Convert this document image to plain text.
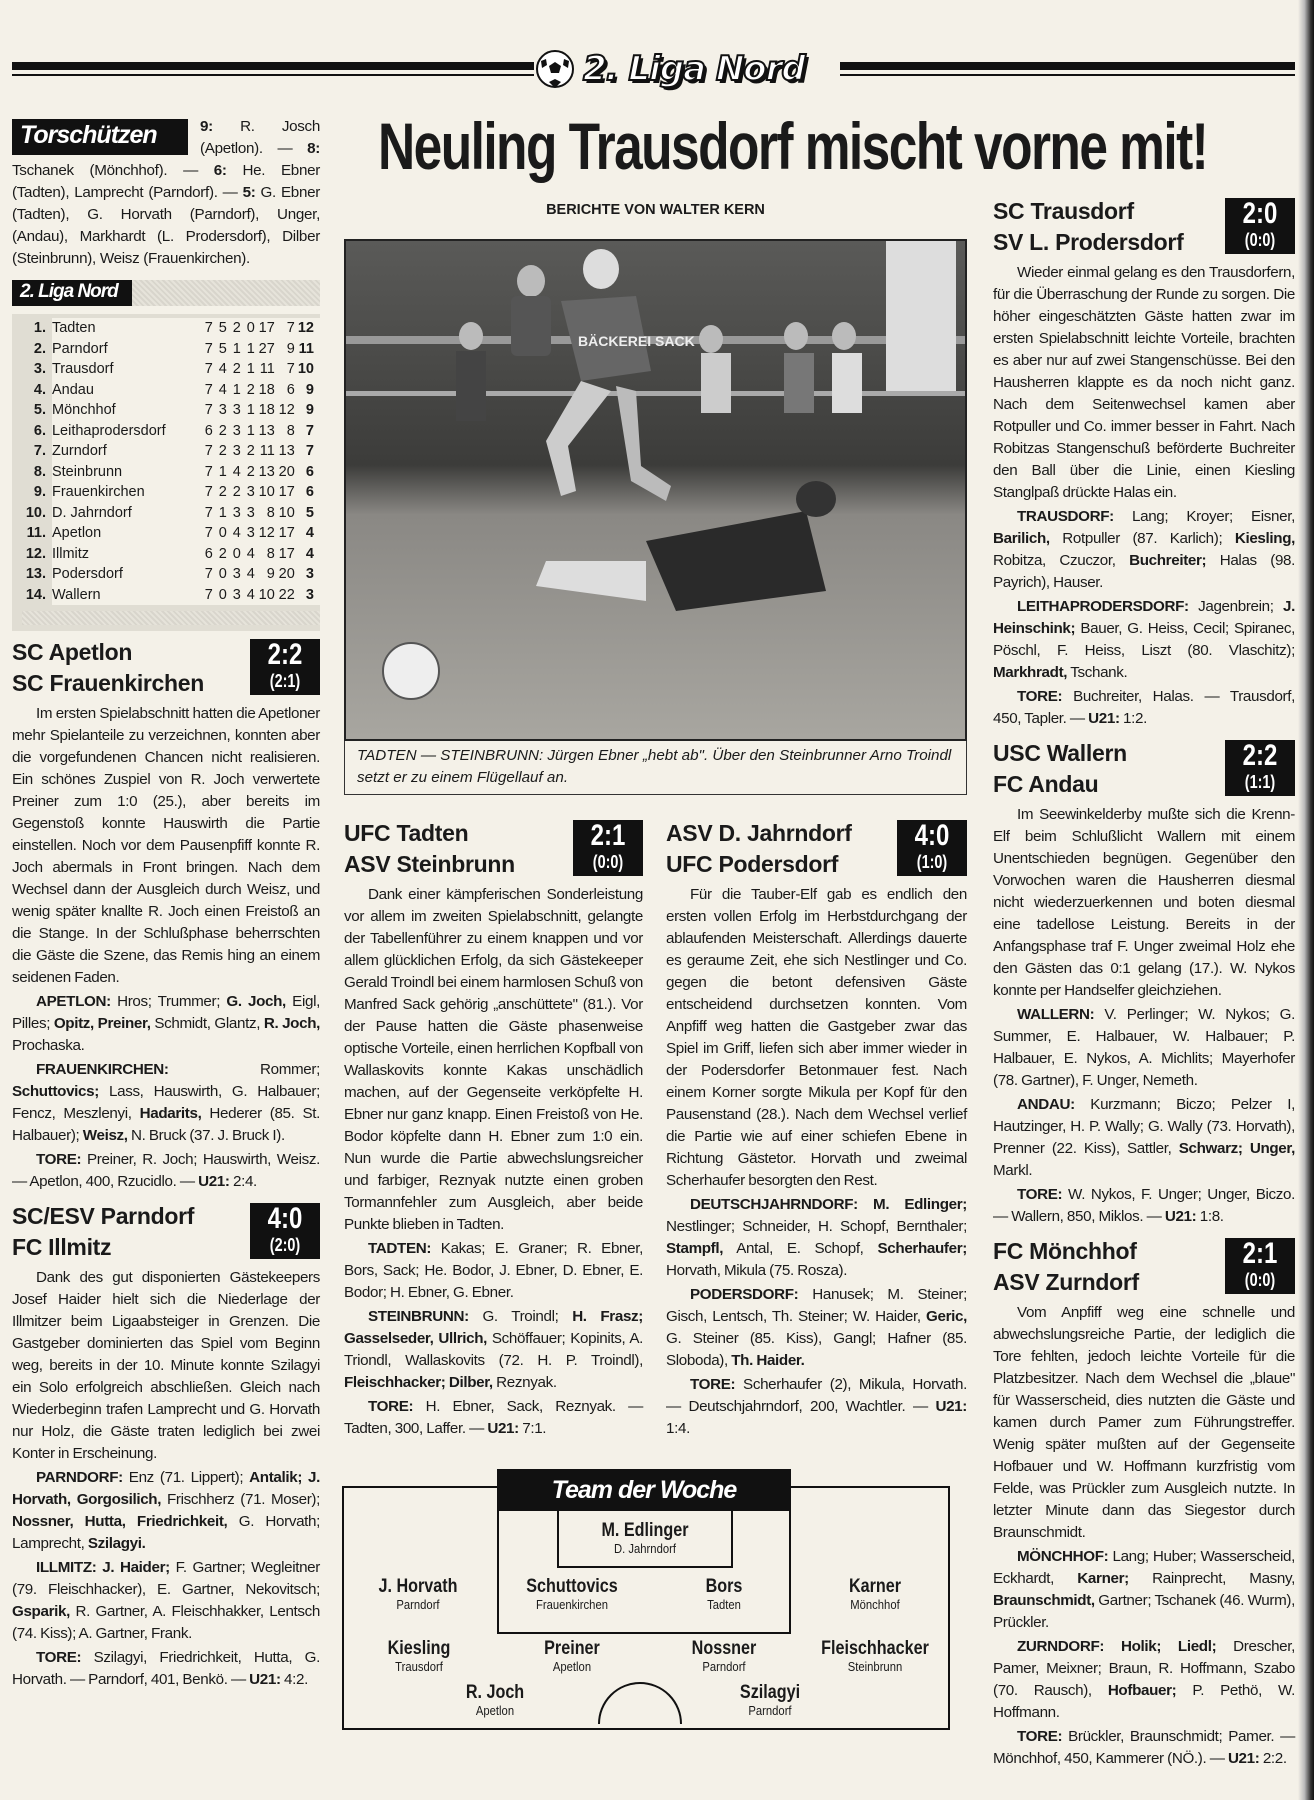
2. Liga Nord
Neuling Trausdorf mischt vorne mit!
Torschützen	9: R. Josch (Apetlon). — 8: Tschanek (Mönchhof). — 6: He. Ebner (Tadten), Lamprecht (Parndorf). — 5: G. Ebner (Tadten), G. Horvath (Parndorf), Unger, (Andau), Markhardt (L. Prodersdorf), Dilber (Steinbrunn), Weisz (Frauenkirchen).
2. Liga Nord
1.	Tadten	7	5	2	0	17	7	12
2.	Parndorf	7	5	1	1	27	9	11
3.	Trausdorf	7	4	2	1	11	7	10
4.	Andau	7	4	1	2	18	6	9
5.	Mönchhof	7	3	3	1	18	12	9
6.	Leithaprodersdorf	6	2	3	1	13	8	7
7.	Zurndorf	7	2	3	2	11	13	7
8.	Steinbrunn	7	1	4	2	13	20	6
9.	Frauenkirchen	7	2	2	3	10	17	6
10.	D. Jahrndorf	7	1	3	3	8	10	5
11.	Apetlon	7	0	4	3	12	17	4
12.	Illmitz	6	2	0	4	8	17	4
13.	Podersdorf	7	0	3	4	9	20	3
14.	Wallern	7	0	3	4	10	22	3
SC Apetlon
SC Frauenkirchen
2:2
(2:1)

Im ersten Spielabschnitt hatten die Apetloner mehr Spielanteile zu verzeichnen, konnten aber die vorgefundenen Chancen nicht realisieren. Ein schönes Zuspiel von R. Joch verwertete Preiner zum 1:0 (25.), aber bereits im Gegenstoß konnte Hauswirth die Partie einstellen. Noch vor dem Pausenpfiff konnte R. Joch abermals in Front bringen. Nach dem Wechsel dann der Ausgleich durch Weisz, und wenig später knallte R. Joch einen Freistoß an die Stange. In der Schlußphase beherrschten die Gäste die Szene, das Remis hing an einem seidenen Faden.

APETLON: Hros; Trummer; G. Joch, Eigl, Pilles; Opitz, Preiner, Schmidt, Glantz, R. Joch, Prochaska.

FRAUENKIRCHEN: Rommer; Schuttovics; Lass, Hauswirth, G. Halbauer; Fencz, Meszlenyi, Hadarits, Hederer (85. St. Halbauer); Weisz, N. Bruck (37. J. Bruck I).

TORE: Preiner, R. Joch; Hauswirth, Weisz. — Apetlon, 400, Rzucidlo. — U21: 2:4.

SC/ESV Parndorf
FC Illmitz
4:0
(2:0)

Dank des gut disponierten Gästekeepers Josef Haider hielt sich die Niederlage der Illmitzer beim Ligaabsteiger in Grenzen. Die Gastgeber dominierten das Spiel vom Beginn weg, bereits in der 10. Minute konnte Szilagyi ein Solo erfolgreich abschließen. Gleich nach Wiederbeginn trafen Lamprecht und G. Horvath nur Holz, die Gäste traten lediglich bei zwei Konter in Erscheinung.

PARNDORF: Enz (71. Lippert); Antalik; J. Horvath, Gorgosilich, Frischherz (71. Moser); Nossner, Hutta, Friedrichkeit, G. Horvath; Lamprecht, Szilagyi.

ILLMITZ: J. Haider; F. Gartner; Wegleitner (79. Fleischhacker), E. Gartner, Nekovitsch; Gsparik, R. Gartner, A. Fleischhakker, Lentsch (74. Kiss); A. Gartner, Frank.

TORE: Szilagyi, Friedrichkeit, Hutta, G. Horvath. — Parndorf, 401, Benkö. — U21: 4:2.

BERICHTE VON WALTER KERN
BÄCKEREI SACK
TADTEN — STEINBRUNN: Jürgen Ebner „hebt ab". Über den Steinbrunner Arno Troindl setzt er zu einem Flügellauf an.
UFC Tadten
ASV Steinbrunn
2:1
(0:0)

Dank einer kämpferischen Sonderleistung vor allem im zweiten Spielabschnitt, gelangte der Tabellenführer zu einem knappen und vor allem glücklichen Erfolg, da sich Gästekeeper Gerald Troindl bei einem harmlosen Schuß von Manfred Sack gehörig „anschüttete" (81.). Vor der Pause hatten die Gäste phasenweise optische Vorteile, einen herrlichen Kopfball von Wallaskovits konnte Kakas unschädlich machen, auf der Gegenseite verköpfelte H. Ebner nur ganz knapp. Einen Freistoß von He. Bodor köpfelte dann H. Ebner zum 1:0 ein. Nun wurde die Partie abwechslungsreicher und farbiger, Reznyak nutzte einen groben Tormannfehler zum Ausgleich, aber beide Punkte blieben in Tadten.

TADTEN: Kakas; E. Graner; R. Ebner, Bors, Sack; He. Bodor, J. Ebner, D. Ebner, E. Bodor; H. Ebner, G. Ebner.

STEINBRUNN: G. Troindl; H. Frasz; Gasselseder, Ullrich, Schöffauer; Kopinits, A. Triondl, Wallaskovits (72. H. P. Troindl), Fleischhacker; Dilber, Reznyak.

TORE: H. Ebner, Sack, Reznyak. — Tadten, 300, Laffer. — U21: 7:1.

ASV D. Jahrndorf
UFC Podersdorf
4:0
(1:0)

Für die Tauber-Elf gab es endlich den ersten vollen Erfolg im Herbstdurchgang der ablaufenden Meisterschaft. Allerdings dauerte es geraume Zeit, ehe sich Nestlinger und Co. gegen die betont defensiven Gäste entscheidend durchsetzen konnten. Vom Anpfiff weg hatten die Gastgeber zwar das Spiel im Griff, liefen sich aber immer wieder in der Podersdorfer Betonmauer fest. Nach einem Korner sorgte Mikula per Kopf für den Pausenstand (28.). Nach dem Wechsel verlief die Partie wie auf einer schiefen Ebene in Richtung Gästetor. Horvath und zweimal Scherhaufer besorgten den Rest.

DEUTSCHJAHRNDORF: M. Edlinger; Nestlinger; Schneider, H. Schopf, Bernthaler; Stampfl, Antal, E. Schopf, Scherhaufer; Horvath, Mikula (75. Rosza).

PODERSDORF: Hanusek; M. Steiner; Gisch, Lentsch, Th. Steiner; W. Haider, Geric, G. Steiner (85. Kiss), Gangl; Hafner (85. Sloboda), Th. Haider.

TORE: Scherhaufer (2), Mikula, Horvath. — Deutschjahrndorf, 200, Wachtler. — U21: 1:4.

Team der Woche
M. Edlinger
D. Jahrndorf
J. Horvath
Parndorf
Schuttovics
Frauenkirchen
Bors
Tadten
Karner
Mönchhof
Kiesling
Trausdorf
Preiner
Apetlon
Nossner
Parndorf
Fleischhacker
Steinbrunn
R. Joch
Apetlon
Szilagyi
Parndorf
SC Trausdorf
SV L. Prodersdorf
2:0
(0:0)

Wieder einmal gelang es den Trausdorfern, für die Überraschung der Runde zu sorgen. Die höher eingeschätzten Gäste hatten zwar im ersten Spielabschnitt leichte Vorteile, brachten es aber nur auf zwei Stangenschüsse. Bei den Hausherren klappte es da noch nicht ganz. Nach dem Seitenwechsel kamen aber Rotpuller und Co. immer besser in Fahrt. Nach Robitzas Stangenschuß beförderte Buchreiter den Ball über die Linie, einen Kiesling Stanglpaß drückte Halas ein.

TRAUSDORF: Lang; Kroyer; Eisner, Barilich, Rotpuller (87. Karlich); Kiesling, Robitza, Czuczor, Buchreiter; Halas (98. Payrich), Hauser.

LEITHAPRODERSDORF: Jagenbrein; J. Heinschink; Bauer, G. Heiss, Cecil; Spiranec, Pöschl, F. Heiss, Liszt (80. Vlaschitz); Markhradt, Tschank.

TORE: Buchreiter, Halas. — Trausdorf, 450, Tapler. — U21: 1:2.

USC Wallern
FC Andau
2:2
(1:1)

Im Seewinkelderby mußte sich die Krenn-Elf beim Schlußlicht Wallern mit einem Unentschieden begnügen. Gegenüber den Vorwochen waren die Hausherren diesmal nicht wiederzuerkennen und boten diesmal eine tadellose Leistung. Bereits in der Anfangsphase traf F. Unger zweimal Holz ehe den Gästen das 0:1 gelang (17.). W. Nykos konnte per Handselfer gleichziehen.

WALLERN: V. Perlinger; W. Nykos; G. Summer, E. Halbauer, W. Halbauer; P. Halbauer, E. Nykos, A. Michlits; Mayerhofer (78. Gartner), F. Unger, Nemeth.

ANDAU: Kurzmann; Biczo; Pelzer I, Hautzinger, H. P. Wally; G. Wally (73. Horvath), Prenner (22. Kiss), Sattler, Schwarz; Unger, Markl.

TORE: W. Nykos, F. Unger; Unger, Biczo. — Wallern, 850, Miklos. — U21: 1:8.

FC Mönchhof
ASV Zurndorf
2:1
(0:0)

Vom Anpfiff weg eine schnelle und abwechslungsreiche Partie, der lediglich die Tore fehlten, jedoch leichte Vorteile für die Platzbesitzer. Nach dem Wechsel die „blaue" für Wasserscheid, dies nutzten die Gäste und kamen durch Pamer zum Führungstreffer. Wenig später mußten auf der Gegenseite Hofbauer und W. Hoffmann kurzfristig vom Felde, was Prückler zum Ausgleich nutzte. In letzter Minute dann das Siegestor durch Braunschmidt.

MÖNCHHOF: Lang; Huber; Wasserscheid, Eckhardt, Karner; Rainprecht, Masny, Braunschmidt, Gartner; Tschanek (46. Wurm), Prückler.

ZURNDORF: Holik; Liedl; Drescher, Pamer, Meixner; Braun, R. Hoffmann, Szabo (70. Rausch), Hofbauer; P. Pethö, W. Hoffmann.

TORE: Brückler, Braunschmidt; Pamer. — Mönchhof, 450, Kammerer (NÖ.). — U21: 2:2.
